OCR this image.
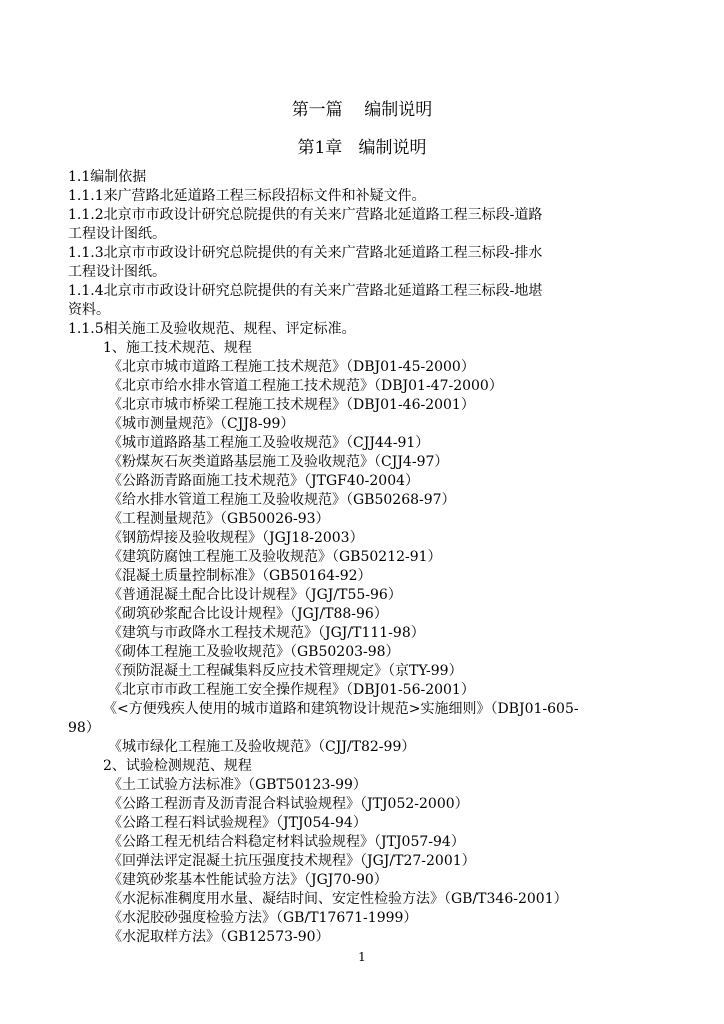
第一篇    编制说明
第1章   编制说明
1.1编制依据
1.1.1来广营路北延道路工程三标段招标文件和补疑文件。
1.1.2北京市市政设计研究总院提供的有关来广营路北延道路工程三标段-道路
工程设计图纸。
1.1.3北京市市政设计研究总院提供的有关来广营路北延道路工程三标段-排水
工程设计图纸。
1.1.4北京市市政设计研究总院提供的有关来广营路北延道路工程三标段-地堪
资料。
1.1.5相关施工及验收规范、规程、评定标准。
1、施工技术规范、规程
《北京市城市道路工程施工技术规范》（DBJ01-45-2000）
《北京市给水排水管道工程施工技术规范》（DBJ01-47-2000）
《北京市城市桥梁工程施工技术规程》（DBJ01-46-2001）
《城市测量规范》（CJJ8-99）
《城市道路路基工程施工及验收规范》（CJJ44-91）
《粉煤灰石灰类道路基层施工及验收规范》（CJJ4-97）
《公路沥青路面施工技术规范》（JTGF40-2004）
《给水排水管道工程施工及验收规范》（GB50268-97）
《工程测量规范》（GB50026-93）
《钢筋焊接及验收规程》（JGJ18-2003）
《建筑防腐蚀工程施工及验收规范》（GB50212-91）
《混凝土质量控制标准》（GB50164-92）
《普通混凝土配合比设计规程》（JGJ/T55-96）
《砌筑砂浆配合比设计规程》（JGJ/T88-96）
《建筑与市政降水工程技术规范》（JGJ/T111-98）
《砌体工程施工及验收规范》（GB50203-98）
《预防混凝土工程碱集料反应技术管理规定》（京TY-99）
《北京市市政工程施工安全操作规程》（DBJ01-56-2001）
《<方便残疾人使用的城市道路和建筑物设计规范>实施细则》（DBJ01-605-
98）
《城市绿化工程施工及验收规范》（CJJ/T82-99）
2、试验检测规范、规程
《土工试验方法标准》（GBT50123-99）
《公路工程沥青及沥青混合料试验规程》（JTJ052-2000）
《公路工程石料试验规程》（JTJ054-94）
《公路工程无机结合料稳定材料试验规程》（JTJ057-94）
《回弹法评定混凝土抗压强度技术规程》（JGJ/T27-2001）
《建筑砂浆基本性能试验方法》（JGJ70-90）
《水泥标准稠度用水量、凝结时间、安定性检验方法》（GB/T346-2001）
《水泥胶砂强度检验方法》（GB/T17671-1999）
《水泥取样方法》（GB12573-90）
1
